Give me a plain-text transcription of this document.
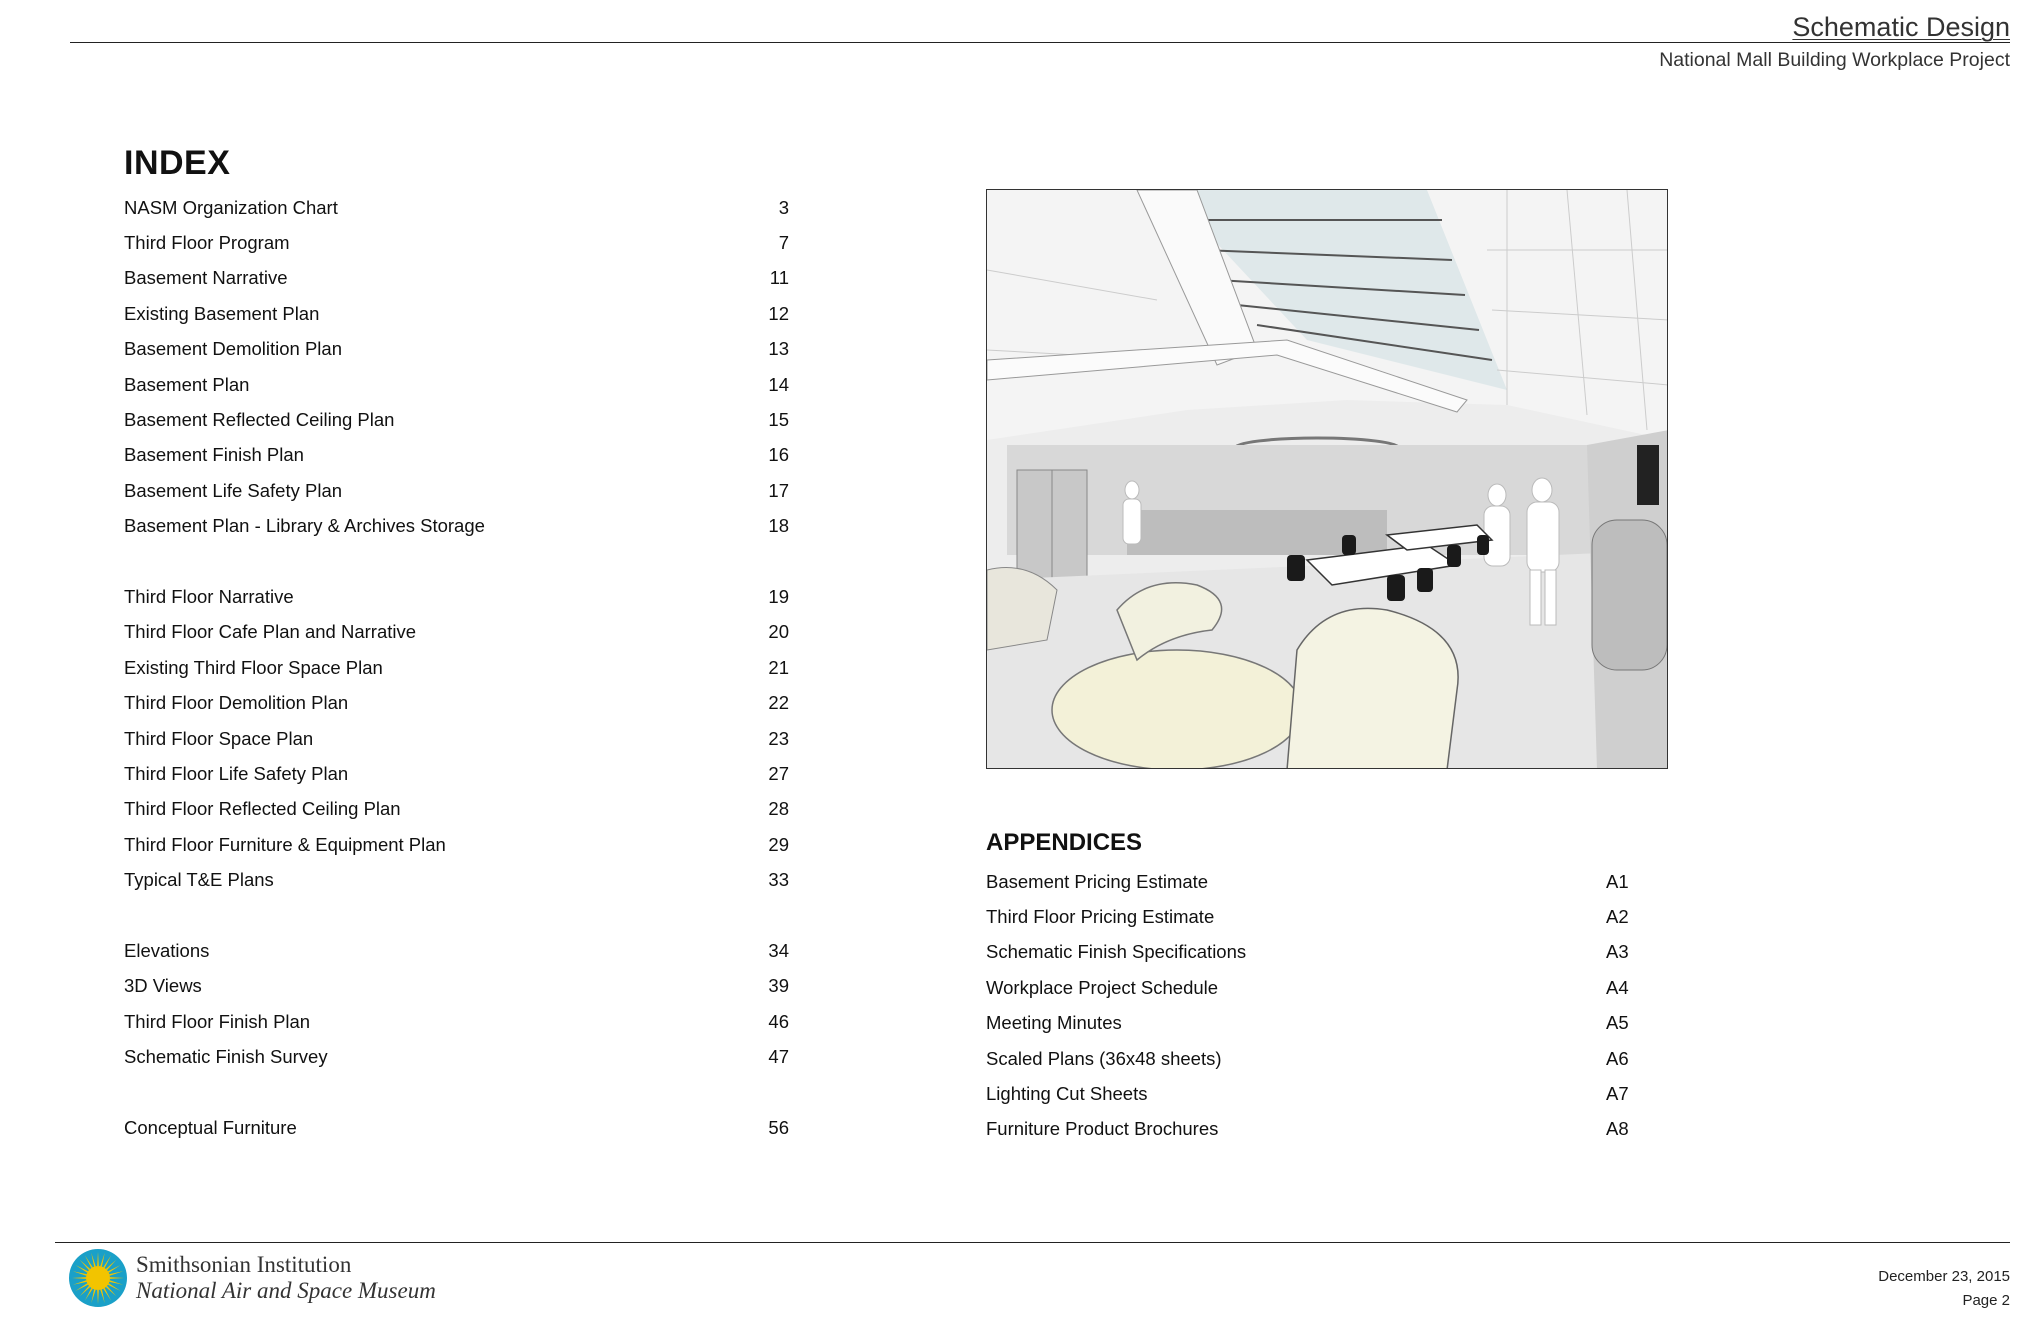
Schematic Design
National Mall Building Workplace Project
INDEX
NASM Organization Chart	3
Third Floor Program	7
Basement Narrative	11
Existing Basement Plan	12
Basement Demolition Plan	13
Basement Plan	14
Basement Reflected Ceiling Plan	15
Basement Finish Plan	16
Basement Life Safety Plan	17
Basement Plan - Library & Archives Storage	18
Third Floor Narrative	19
Third Floor Cafe Plan and Narrative	20
Existing Third Floor Space Plan	21
Third Floor Demolition Plan	22
Third Floor Space Plan	23
Third Floor Life Safety Plan	27
Third Floor Reflected Ceiling Plan	28
Third Floor Furniture & Equipment Plan	29
Typical T&E Plans	33
Elevations	34
3D Views	39
Third Floor Finish Plan	46
Schematic Finish Survey	47
Conceptual Furniture	56
APPENDICES
Basement Pricing Estimate	A1
Third Floor Pricing Estimate	A2
Schematic Finish Specifications	A3
Workplace Project Schedule	A4
Meeting Minutes	A5
Scaled Plans (36x48 sheets)	A6
Lighting Cut Sheets	A7
Furniture Product Brochures	A8
Smithsonian Institution
National Air and Space Museum
December 23, 2015
Page 2
